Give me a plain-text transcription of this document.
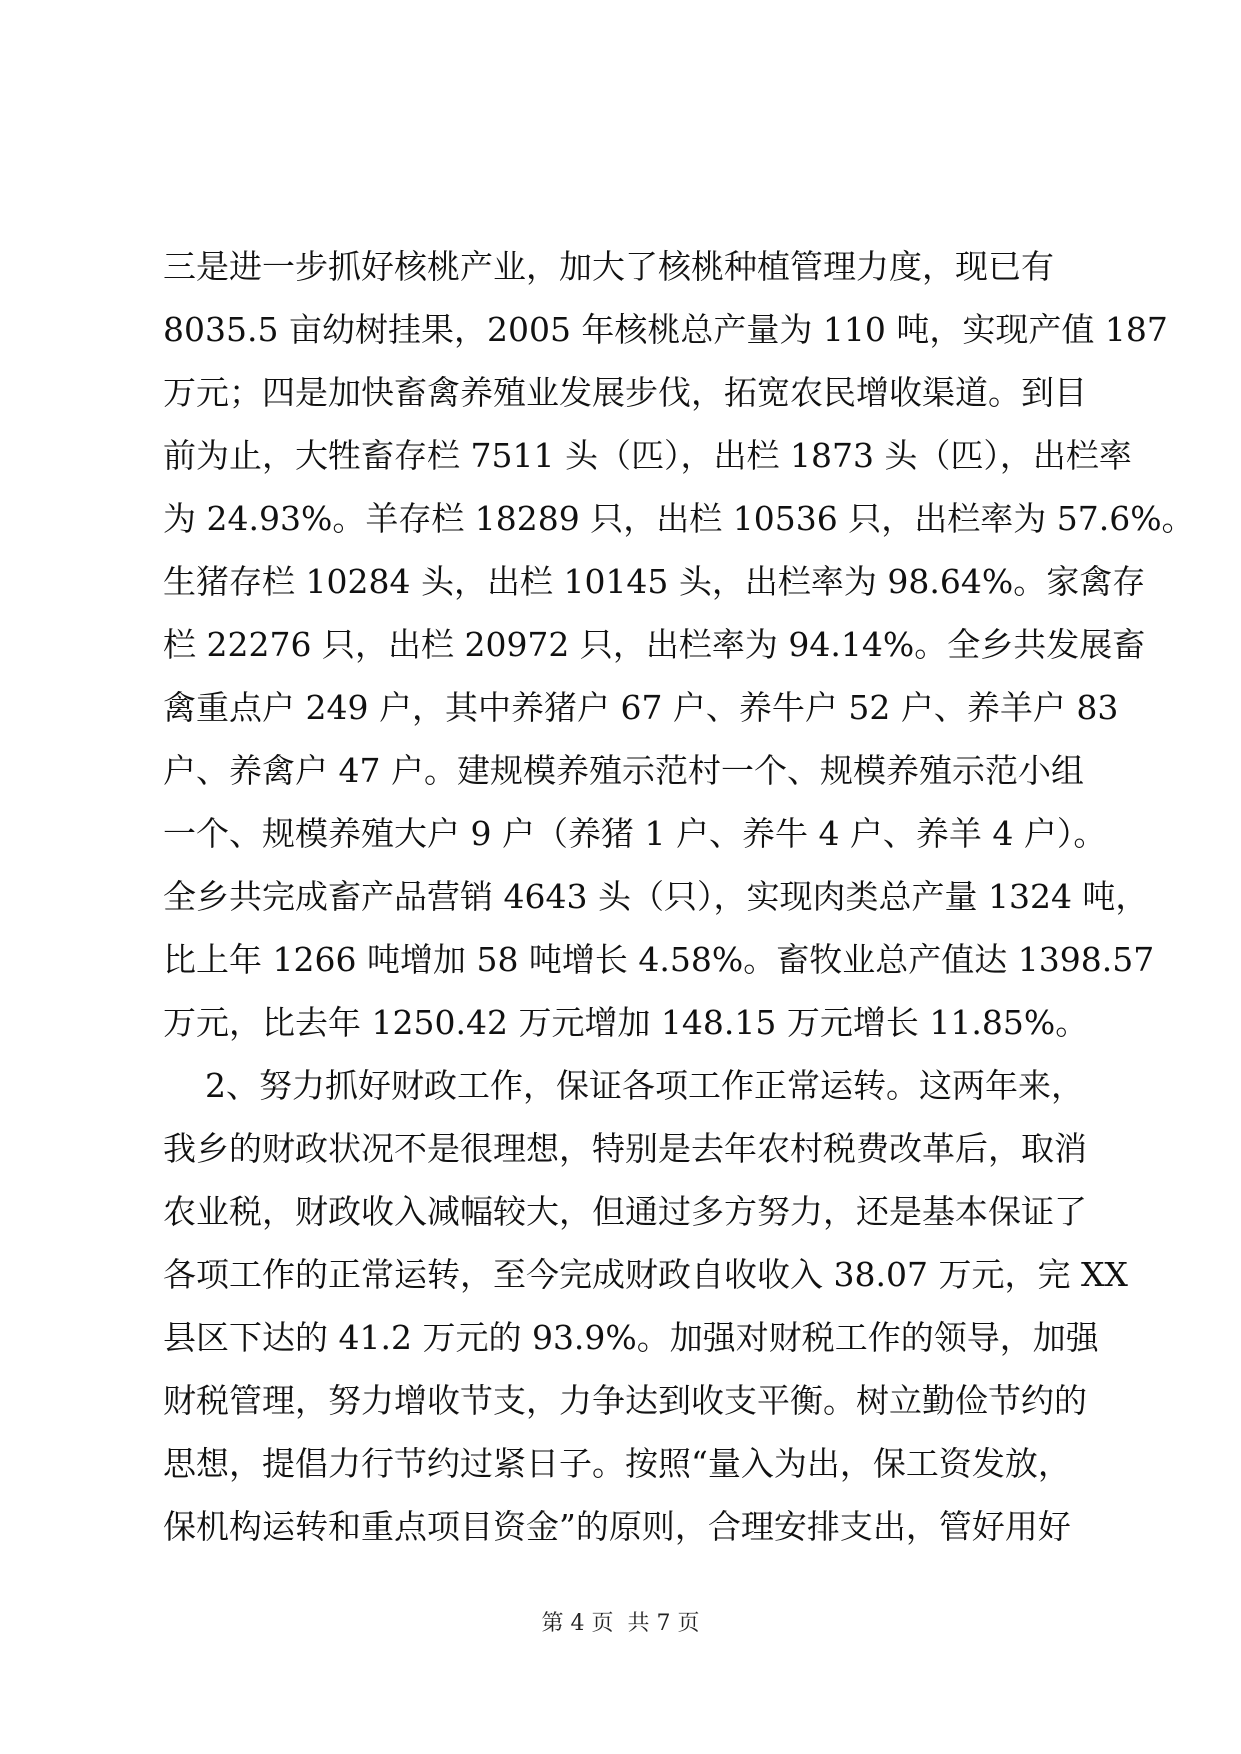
三是进一步抓好核桃产业，加大了核桃种植管理力度，现已有
8035.5 亩幼树挂果，2005 年核桃总产量为 110 吨，实现产值 187
万元；四是加快畜禽养殖业发展步伐，拓宽农民增收渠道。到目
前为止，大牲畜存栏 7511 头（匹），出栏 1873 头（匹），出栏率
为 24.93%。羊存栏 18289 只，出栏 10536 只，出栏率为 57.6%。
生猪存栏 10284 头，出栏 10145 头，出栏率为 98.64%。家禽存
栏 22276 只，出栏 20972 只，出栏率为 94.14%。全乡共发展畜
禽重点户 249 户，其中养猪户 67 户、养牛户 52 户、养羊户 83
户、养禽户 47 户。建规模养殖示范村一个、规模养殖示范小组
一个、规模养殖大户 9 户（养猪 1 户、养牛 4 户、养羊 4 户）。
全乡共完成畜产品营销 4643 头（只），实现肉类总产量 1324 吨，
比上年 1266 吨增加 58 吨增长 4.58%。畜牧业总产值达 1398.57
万元，比去年 1250.42 万元增加 148.15 万元增长 11.85%。
2、努力抓好财政工作，保证各项工作正常运转。这两年来，
我乡的财政状况不是很理想，特别是去年农村税费改革后，取消
农业税，财政收入减幅较大，但通过多方努力，还是基本保证了
各项工作的正常运转，至今完成财政自收收入 38.07 万元，完 XX
县区下达的 41.2 万元的 93.9%。加强对财税工作的领导，加强
财税管理，努力增收节支，力争达到收支平衡。树立勤俭节约的
思想，提倡力行节约过紧日子。按照“量入为出，保工资发放，
保机构运转和重点项目资金”的原则，合理安排支出，管好用好
第 4 页  共 7 页
